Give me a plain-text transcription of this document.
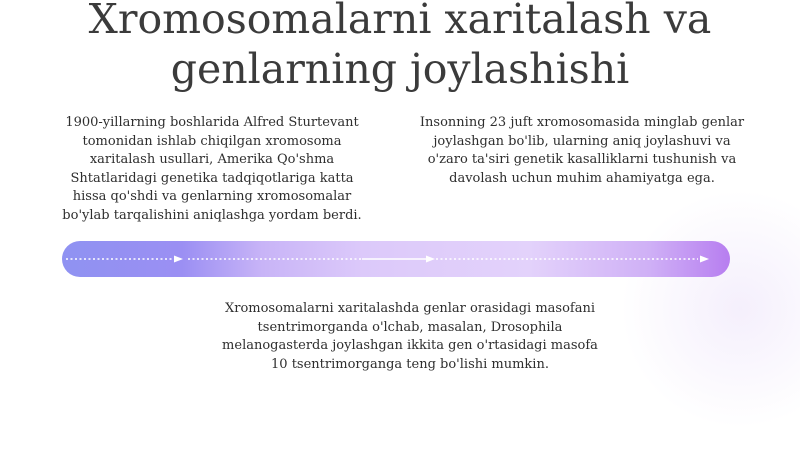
Xromosomalarni xaritalash va
genlarning joylashishi

1900-yillarning boshlarida Alfred Sturtevant tomonidan ishlab chiqilgan xromosoma xaritalash usullari, Amerika Qo'shma Shtatlaridagi genetika tadqiqotlariga katta hissa qo'shdi va genlarning xromosomalar bo'ylab tarqalishini aniqlashga yordam berdi.

Insonning 23 juft xromosomasida minglab genlar joylashgan bo'lib, ularning aniq joylashuvi va o'zaro ta'siri genetik kasalliklarni tushunish va davolash uchun muhim ahamiyatga ega.

Xromosomalarni xaritalashda genlar orasidagi masofani tsentrimorganda o'lchab, masalan, Drosophila melanogasterda joylashgan ikkita gen o'rtasidagi masofa 10 tsentrimorganga teng bo'lishi mumkin.
